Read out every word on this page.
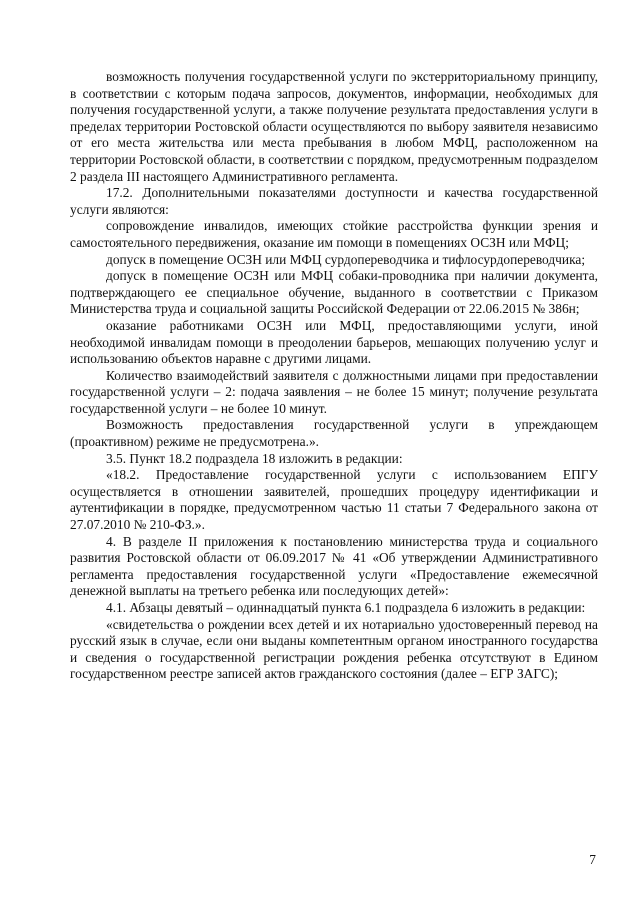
возможность получения государственной услуги по экстерриториальному принципу, в соответствии с которым подача запросов, документов, информации, необходимых для получения государственной услуги, а также получение результата предоставления услуги в пределах территории Ростовской области осуществляются по выбору заявителя независимо от его места жительства или места пребывания в любом МФЦ, расположенном на территории Ростовской области, в соответствии с порядком, предусмотренным подразделом 2 раздела III настоящего Административного регламента.

17.2. Дополнительными показателями доступности и качества государственной услуги являются:

сопровождение инвалидов, имеющих стойкие расстройства функции зрения и самостоятельного передвижения, оказание им помощи в помещениях ОСЗН или МФЦ;

допуск в помещение ОСЗН или МФЦ сурдопереводчика и тифлосурдопереводчика;

допуск в помещение ОСЗН или МФЦ собаки-проводника при наличии документа, подтверждающего ее специальное обучение, выданного в соответствии с Приказом Министерства труда и социальной защиты Российской Федерации от 22.06.2015 № 386н;

оказание работниками ОСЗН или МФЦ, предоставляющими услуги, иной необходимой инвалидам помощи в преодолении барьеров, мешающих получению услуг и использованию объектов наравне с другими лицами.

Количество взаимодействий заявителя с должностными лицами при предоставлении государственной услуги – 2: подача заявления – не более 15 минут; получение результата государственной услуги – не более 10 минут.

Возможность предоставления государственной услуги в упреждающем (проактивном) режиме не предусмотрена.».

3.5. Пункт 18.2 подраздела 18 изложить в редакции:

«18.2. Предоставление государственной услуги с использованием ЕПГУ осуществляется в отношении заявителей, прошедших процедуру идентификации и аутентификации в порядке, предусмотренном частью 11 статьи 7 Федерального закона от 27.07.2010 № 210-ФЗ.».

4. В разделе II приложения к постановлению министерства труда и социального развития Ростовской области от 06.09.2017 № 41 «Об утверждении Административного регламента предоставления государственной услуги «Предоставление ежемесячной денежной выплаты на третьего ребенка или последующих детей»:

4.1. Абзацы девятый – одиннадцатый пункта 6.1 подраздела 6 изложить в редакции:

«свидетельства о рождении всех детей и их нотариально удостоверенный перевод на русский язык в случае, если они выданы компетентным органом иностранного государства и сведения о государственной регистрации рождения ребенка отсутствуют в Едином государственном реестре записей актов гражданского состояния (далее – ЕГР ЗАГС);

7
